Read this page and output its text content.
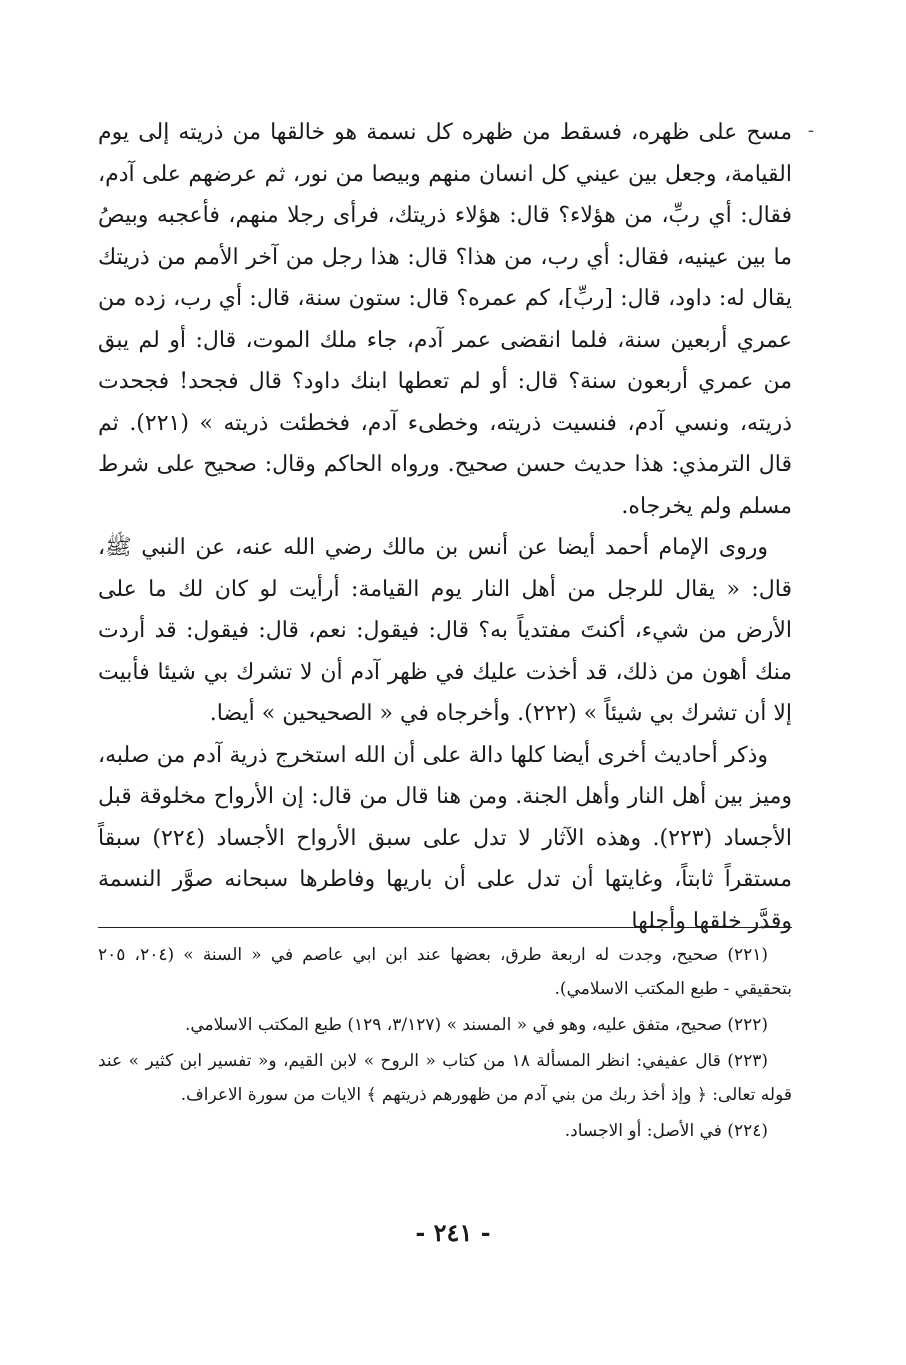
-

مسح على ظهره، فسقط من ظهره كل نسمة هو خالقها من ذريته إلى يوم القيامة، وجعل بين عيني كل انسان منهم وبيصا من نور، ثم عرضهم على آدم، فقال: أي ربِّ، من هؤلاء؟ قال: هؤلاء ذريتك، فرأى رجلا منهم، فأعجبه وبيصُ ما بين عينيه، فقال: أي رب، من هذا؟ قال: هذا رجل من آخر الأمم من ذريتك يقال له: داود، قال: [ربِّ]، كم عمره؟ قال: ستون سنة، قال: أي رب، زده من عمري أربعين سنة، فلما انقضى عمر آدم، جاء ملك الموت، قال: أو لم يبق من عمري أربعون سنة؟ قال: أو لم تعطها ابنك داود؟ قال فجحد! فجحدت ذريته، ونسي آدم، فنسيت ذريته، وخطىء آدم، فخطئت ذريته » (٢٢١). ثم قال الترمذي: هذا حديث حسن صحيح. ورواه الحاكم وقال: صحيح على شرط مسلم ولم يخرجاه.

وروى الإمام أحمد أيضا عن أنس بن مالك رضي الله عنه، عن النبي ﷺ، قال: « يقال للرجل من أهل النار يوم القيامة: أرأيت لو كان لك ما على الأرض من شيء، أكنتَ مفتدياً به؟ قال: فيقول: نعم، قال: فيقول: قد أردت منك أهون من ذلك، قد أخذت عليك في ظهر آدم أن لا تشرك بي شيئا فأبيت إلا أن تشرك بي شيئاً » (٢٢٢). وأخرجاه في « الصحيحين » أيضا.

وذكر أحاديث أخرى أيضا كلها دالة على أن الله استخرج ذرية آدم من صلبه، وميز بين أهل النار وأهل الجنة. ومن هنا قال من قال: إن الأرواح مخلوقة قبل الأجساد (٢٢٣). وهذه الآثار لا تدل على سبق الأرواح الأجساد (٢٢٤) سبقاً مستقراً ثابتاً، وغايتها أن تدل على أن باريها وفاطرها سبحانه صوَّر النسمة وقدَّر خلقها وأجلها

(٢٢١) صحيح، وجدت له اربعة طرق، بعضها عند ابن ابي عاصم في « السنة » (٢٠٤، ٢٠٥ بتحقيقي - طبع المكتب الاسلامي).

(٢٢٢) صحيح، متفق عليه، وهو في « المسند » (٣/١٢٧، ١٢٩) طبع المكتب الاسلامي.

(٢٢٣) قال عفيفي: انظر المسألة ١٨ من كتاب « الروح » لابن القيم، و« تفسير ابن كثير » عند قوله تعالى: ﴿ وإذ أخذ ربك من بني آدم من ظهورهم ذريتهم ﴾ الايات من سورة الاعراف.

(٢٢٤) في الأصل: أو الاجساد.

- ٢٤١ -
